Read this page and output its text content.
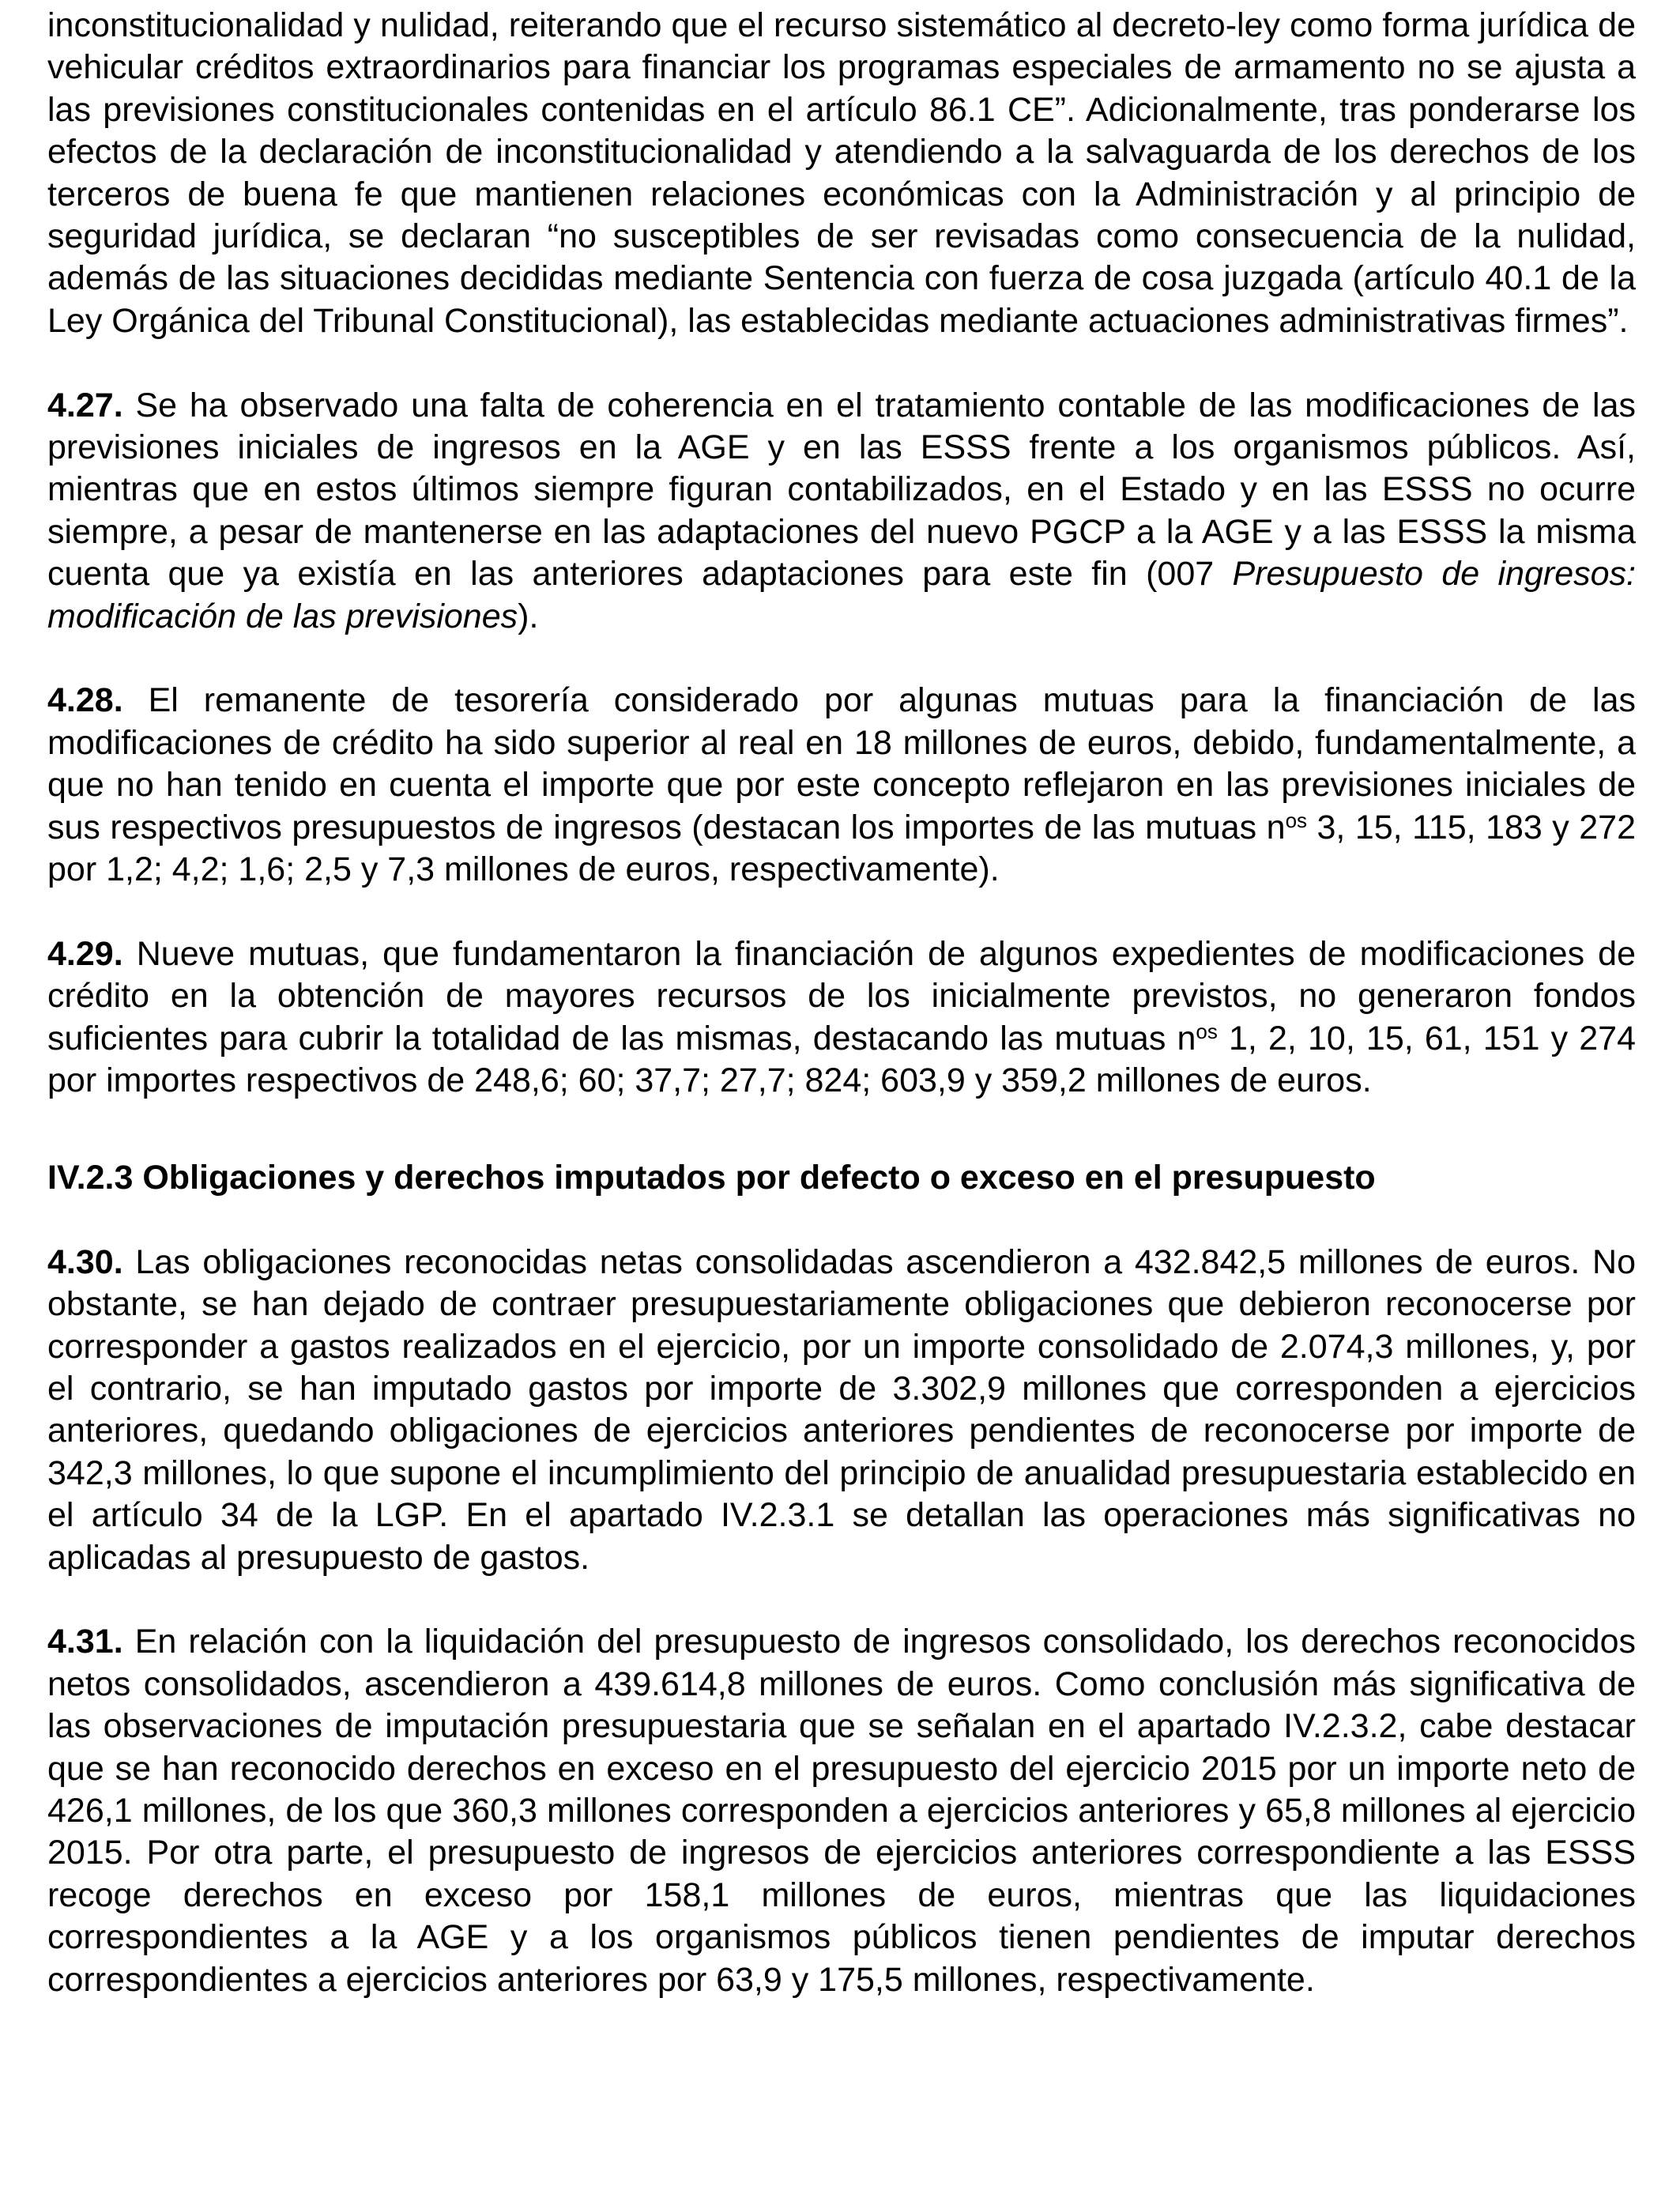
inconstitucionalidad y nulidad, reiterando que el recurso sistemático al decreto-ley como forma jurídica de vehicular créditos extraordinarios para financiar los programas especiales de armamento no se ajusta a las previsiones constitucionales contenidas en el artículo 86.1 CE”. Adicionalmente, tras ponderarse los efectos de la declaración de inconstitucionalidad y atendiendo a la salvaguarda de los derechos de los terceros de buena fe que mantienen relaciones económicas con la Administración y al principio de seguridad jurídica, se declaran “no susceptibles de ser revisadas como consecuencia de la nulidad, además de las situaciones decididas mediante Sentencia con fuerza de cosa juzgada (artículo 40.1 de la Ley Orgánica del Tribunal Constitucional), las establecidas mediante actuaciones administrativas firmes”.

4.27. Se ha observado una falta de coherencia en el tratamiento contable de las modificaciones de las previsiones iniciales de ingresos en la AGE y en las ESSS frente a los organismos públicos. Así, mientras que en estos últimos siempre figuran contabilizados, en el Estado y en las ESSS no ocurre siempre, a pesar de mantenerse en las adaptaciones del nuevo PGCP a la AGE y a las ESSS la misma cuenta que ya existía en las anteriores adaptaciones para este fin (007 Presupuesto de ingresos: modificación de las previsiones).

4.28. El remanente de tesorería considerado por algunas mutuas para la financiación de las modificaciones de crédito ha sido superior al real en 18 millones de euros, debido, fundamentalmente, a que no han tenido en cuenta el importe que por este concepto reflejaron en las previsiones iniciales de sus respectivos presupuestos de ingresos (destacan los importes de las mutuas $n^{os}$ 3, 15, 115, 183 y 272 por 1,2; 4,2; 1,6; 2,5 y 7,3 millones de euros, respectivamente).

4.29. Nueve mutuas, que fundamentaron la financiación de algunos expedientes de modificaciones de crédito en la obtención de mayores recursos de los inicialmente previstos, no generaron fondos suficientes para cubrir la totalidad de las mismas, destacando las mutuas $n^{os}$ 1, 2, 10, 15, 61, 151 y 274 por importes respectivos de 248,6; 60; 37,7; 27,7; 824; 603,9 y 359,2 millones de euros.

IV.2.3 Obligaciones y derechos imputados por defecto o exceso en el presupuesto

4.30. Las obligaciones reconocidas netas consolidadas ascendieron a 432.842,5 millones de euros. No obstante, se han dejado de contraer presupuestariamente obligaciones que debieron reconocerse por corresponder a gastos realizados en el ejercicio, por un importe consolidado de 2.074,3 millones, y, por el contrario, se han imputado gastos por importe de 3.302,9 millones que corresponden a ejercicios anteriores, quedando obligaciones de ejercicios anteriores pendientes de reconocerse por importe de 342,3 millones, lo que supone el incumplimiento del principio de anualidad presupuestaria establecido en el artículo 34 de la LGP. En el apartado IV.2.3.1 se detallan las operaciones más significativas no aplicadas al presupuesto de gastos.

4.31. En relación con la liquidación del presupuesto de ingresos consolidado, los derechos reconocidos netos consolidados, ascendieron a 439.614,8 millones de euros. Como conclusión más significativa de las observaciones de imputación presupuestaria que se señalan en el apartado IV.2.3.2, cabe destacar que se han reconocido derechos en exceso en el presupuesto del ejercicio 2015 por un importe neto de 426,1 millones, de los que 360,3 millones corresponden a ejercicios anteriores y 65,8 millones al ejercicio 2015. Por otra parte, el presupuesto de ingresos de ejercicios anteriores correspondiente a las ESSS recoge derechos en exceso por 158,1 millones de euros, mientras que las liquidaciones correspondientes a la AGE y a los organismos públicos tienen pendientes de imputar derechos correspondientes a ejercicios anteriores por 63,9 y 175,5 millones, respectivamente.
